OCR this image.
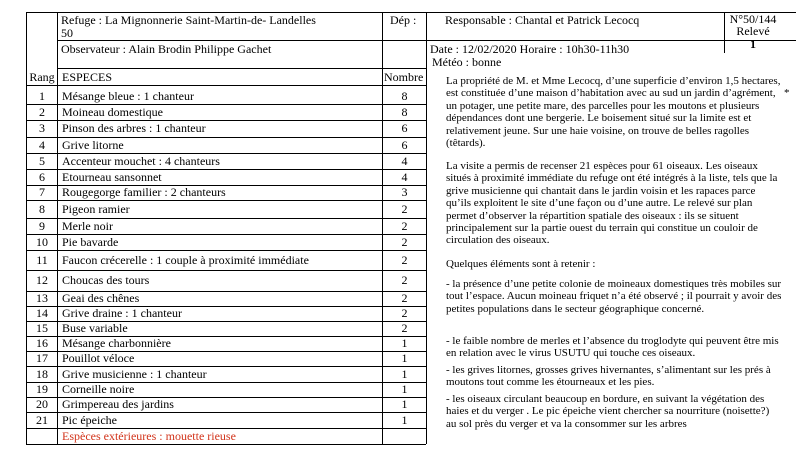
Refuge : La Mignonnerie Saint-Martin-de- Landelles
50
Dép : Responsable : Chantal et Patrick Lecocq	N°50/144
Relevé
1
Observateur : Alain Brodin Philippe Gachet	Date : 12/02/2020 Horaire : 10h30-11h30
Météo : bonne
Rang ESPECES	Nombre
1	Mésange bleue : 1 chanteur	8
2	Moineau domestique	8
3	Pinson des arbres : 1 chanteur	6
4	Grive litorne	6
5	Accenteur mouchet : 4 chanteurs	4
6	Etourneau sansonnet	4
7	Rougegorge familier : 2 chanteurs	3
8	Pigeon ramier	2
9	Merle noir	2
10	Pie bavarde	2
11	Faucon crécerelle : 1 couple à proximité immédiate	2
12	Choucas des tours	2
13	Geai des chênes	2
14	Grive draine : 1 chanteur	2
15	Buse variable	2
16	Mésange charbonnière	1
17	Pouillot véloce	1
18	Grive musicienne : 1 chanteur	1
19	Corneille noire	1
20	Grimpereau des jardins	1
21	Pic épeiche	1
Espèces extérieures : mouette rieuse
La propriété de M. et Mme Lecocq, d’une superficie d’environ 1,5 hectares, est constituée d’une maison d’habitation avec au sud un jardin d’agrément, un potager, une petite mare, des parcelles pour les moutons et plusieurs dépendances dont une bergerie. Le boisement situé sur la limite est et relativement jeune. Sur une haie voisine, on trouve de belles ragolles (têtards).
*
La visite a permis de recenser 21 espèces pour 61 oiseaux. Les oiseaux situés à proximité immédiate du refuge ont été intégrés à la liste, tels que la grive musicienne qui chantait dans le jardin voisin et les rapaces parce qu’ils exploitent le site d’une façon ou d’une autre. Le relevé sur plan permet d’observer la répartition spatiale des oiseaux : ils se situent principalement sur la partie ouest du terrain qui constitue un couloir de circulation des oiseaux.
Quelques éléments sont à retenir :
- la présence d’une petite colonie de moineaux domestiques très mobiles sur tout l’espace. Aucun moineau friquet n’a été observé ; il pourrait y avoir des petites populations dans le secteur géographique concerné.
- le faible nombre de merles et l’absence du troglodyte qui peuvent être mis en relation avec le virus USUTU qui touche ces oiseaux.
- les grives litornes, grosses grives hivernantes, s’alimentant sur les prés à moutons tout comme les étourneaux et les pies.
- les oiseaux circulant beaucoup en bordure, en suivant la végétation des haies et du verger . Le pic épeiche vient chercher sa nourriture (noisette?) au sol près du verger et va la consommer sur les arbres
